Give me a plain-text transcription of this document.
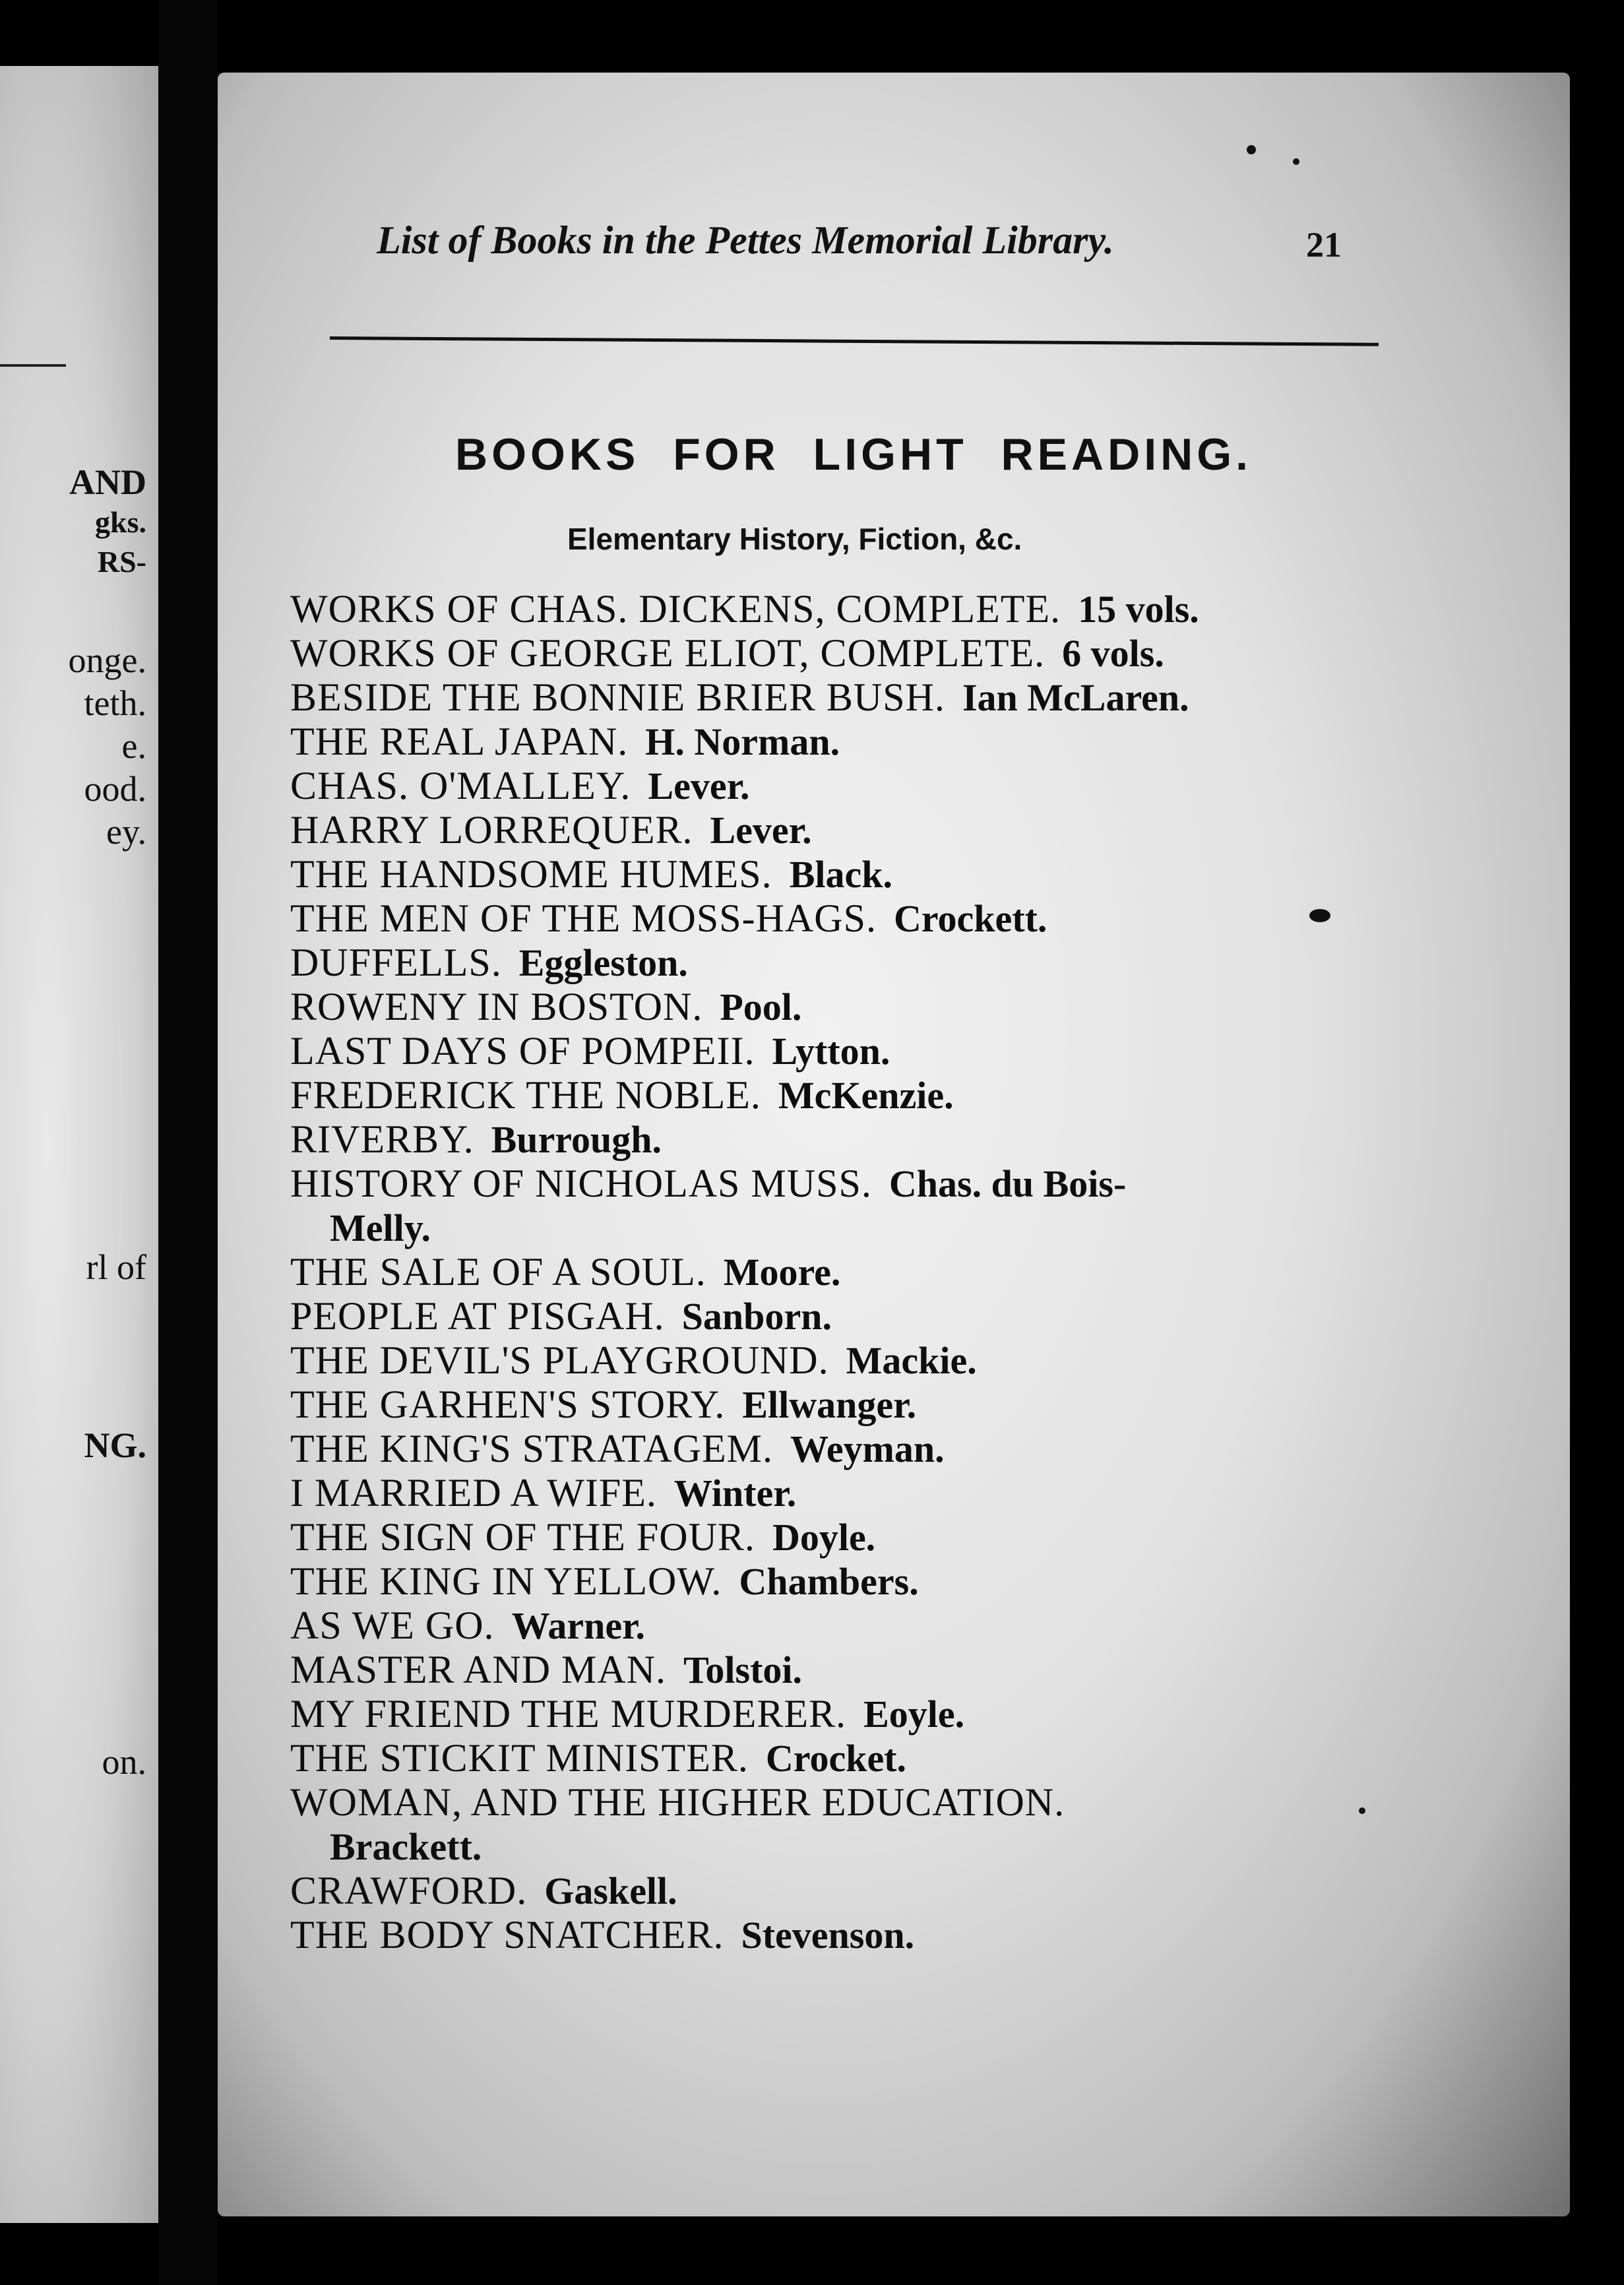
AND

gks.

RS-

onge.

teth.

e.

ood.

ey.

rl of

NG.

on.

List of Books in the Pettes Memorial Library.	21

BOOKS FOR LIGHT READING.
Elementary History, Fiction, &c.
WORKS OF CHAS. DICKENS, COMPLETE. 15 vols.
WORKS OF GEORGE ELIOT, COMPLETE. 6 vols.
BESIDE THE BONNIE BRIER BUSH. Ian McLaren.
THE REAL JAPAN. H. Norman.
CHAS. O'MALLEY. Lever.
HARRY LORREQUER. Lever.
THE HANDSOME HUMES. Black.
THE MEN OF THE MOSS-HAGS. Crockett.
DUFFELLS. Eggleston.
ROWENY IN BOSTON. Pool.
LAST DAYS OF POMPEII. Lytton.
FREDERICK THE NOBLE. McKenzie.
RIVERBY. Burrough.
HISTORY OF NICHOLAS MUSS. Chas. du Bois-
Melly.
THE SALE OF A SOUL. Moore.
PEOPLE AT PISGAH. Sanborn.
THE DEVIL'S PLAYGROUND. Mackie.
THE GARHEN'S STORY. Ellwanger.
THE KING'S STRATAGEM. Weyman.
I MARRIED A WIFE. Winter.
THE SIGN OF THE FOUR. Doyle.
THE KING IN YELLOW. Chambers.
AS WE GO. Warner.
MASTER AND MAN. Tolstoi.
MY FRIEND THE MURDERER. Eoyle.
THE STICKIT MINISTER. Crocket.
WOMAN, AND THE HIGHER EDUCATION.
Brackett.
CRAWFORD. Gaskell.
THE BODY SNATCHER. Stevenson.
